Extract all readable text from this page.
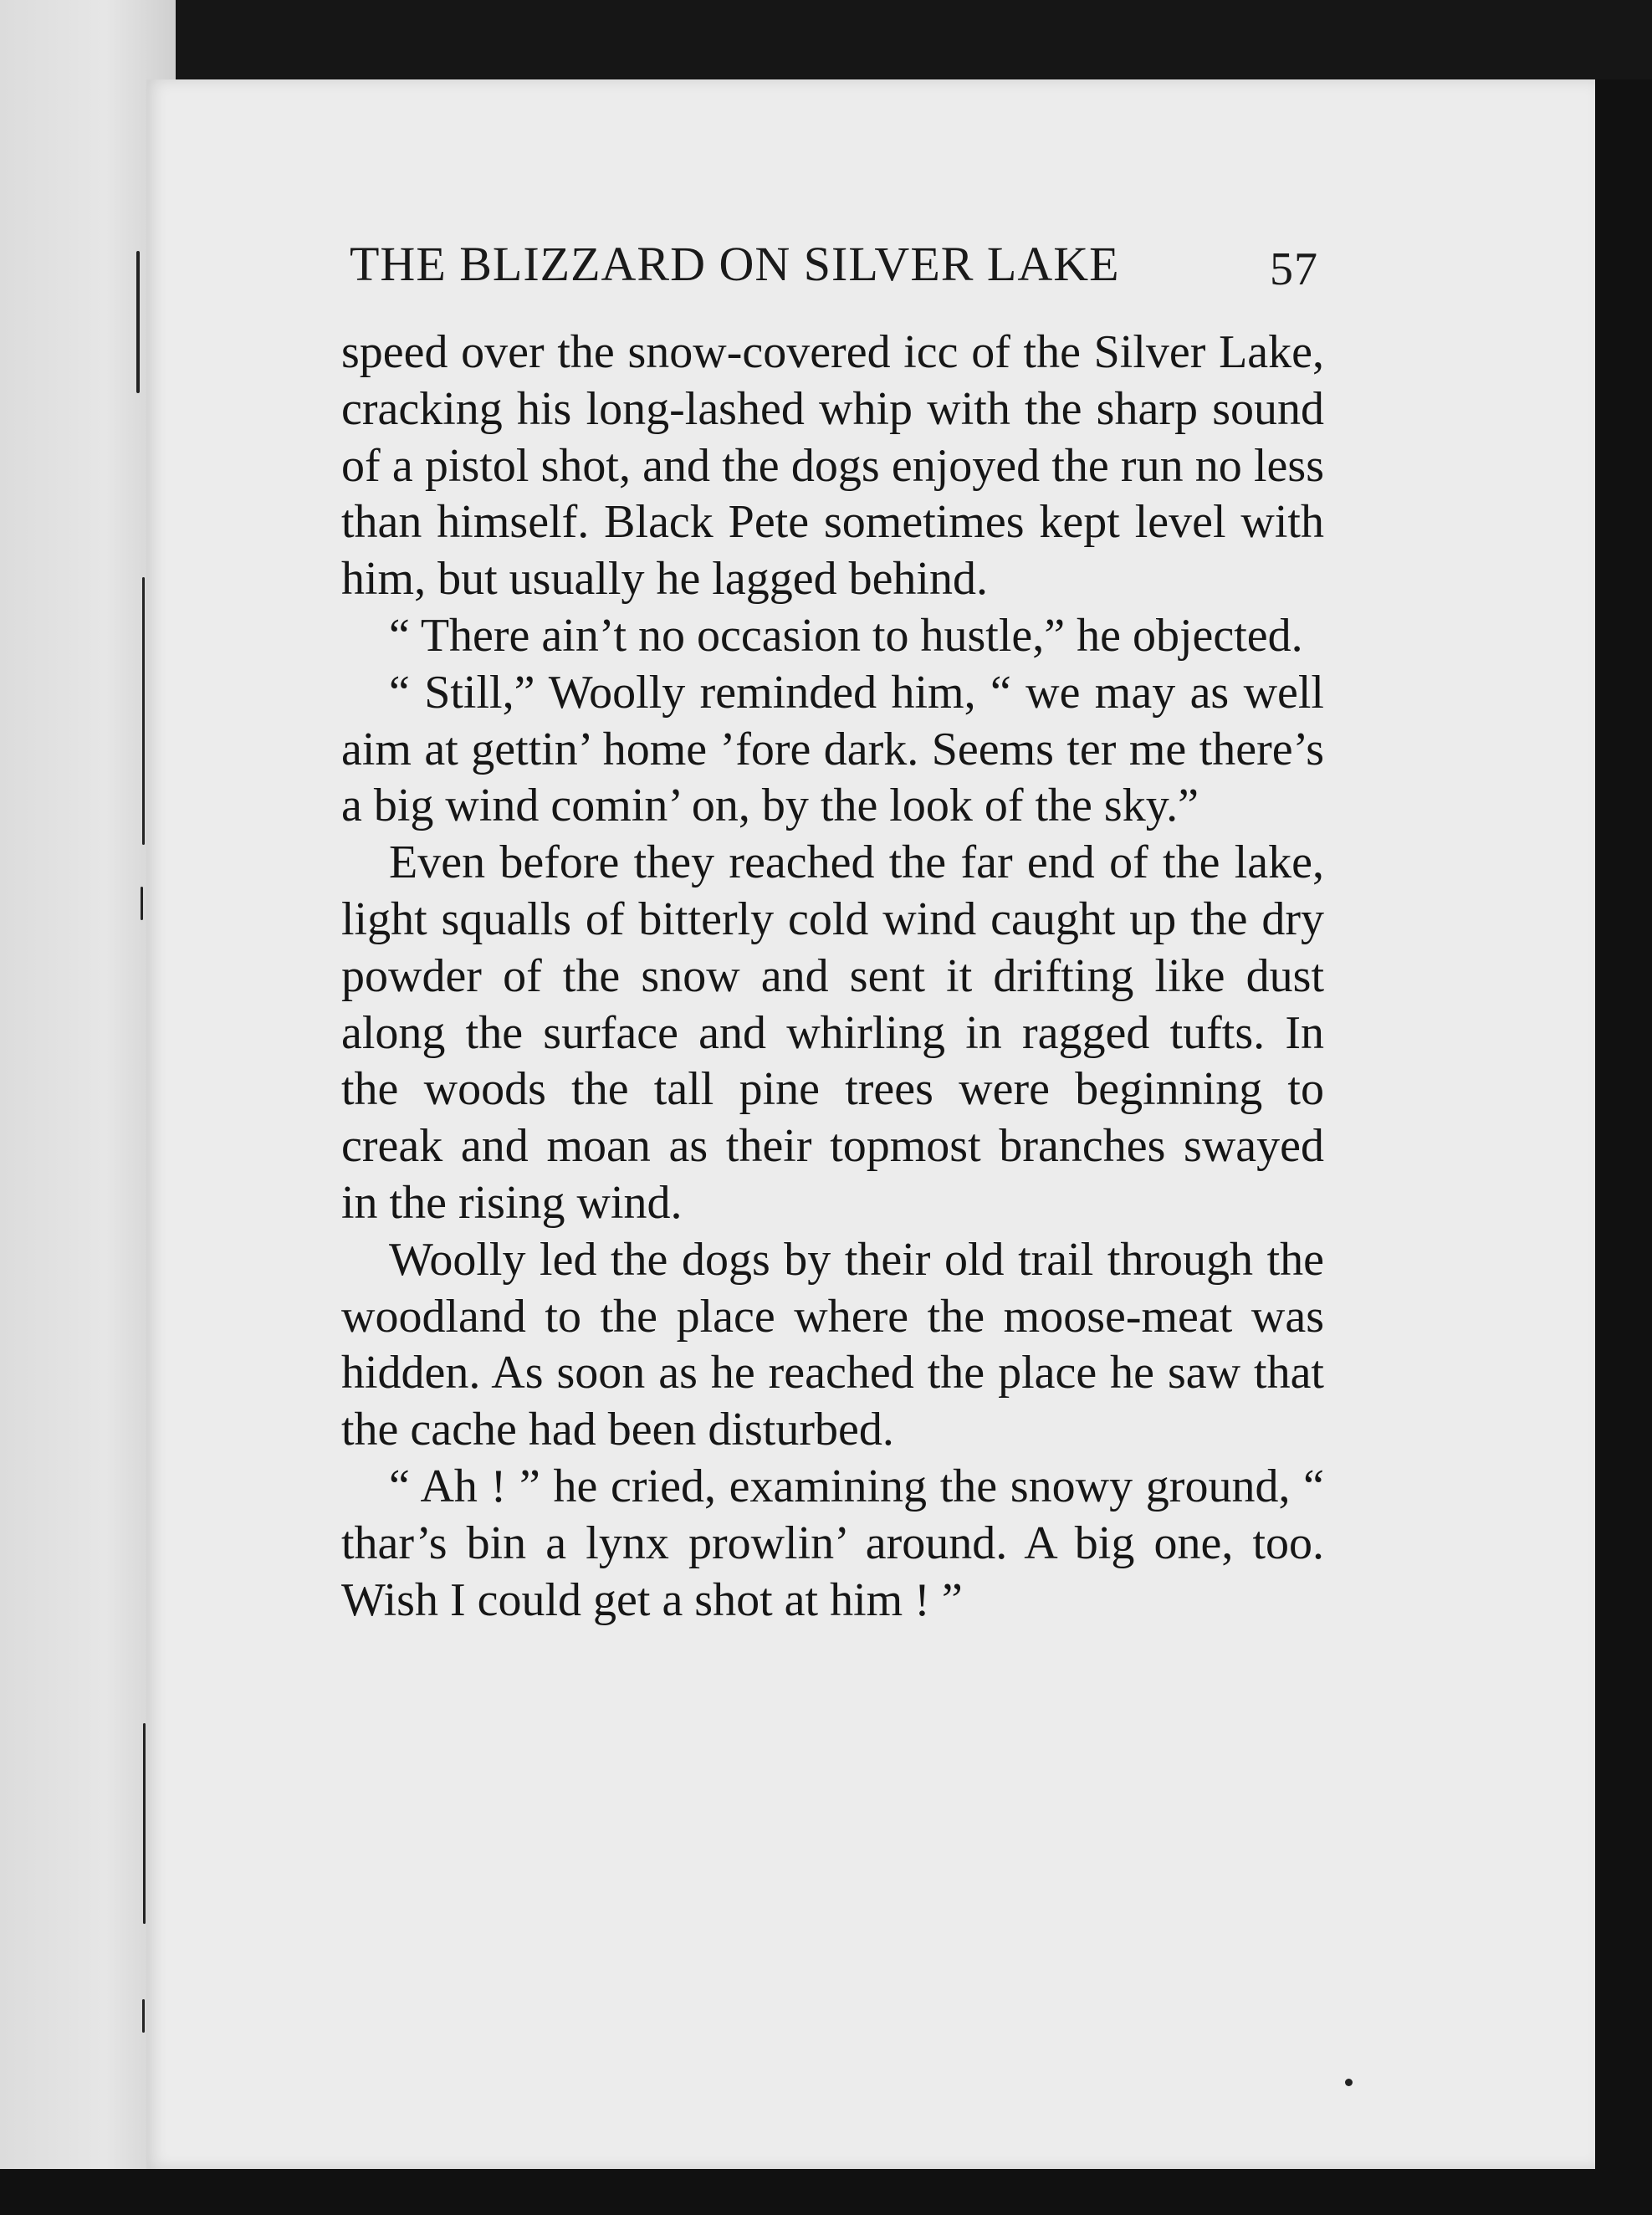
THE BLIZZARD ON SILVER LAKE	57

speed over the snow-covered icc of the Silver Lake, cracking his long-lashed whip with the sharp sound of a pistol shot, and the dogs enjoyed the run no less than himself. Black Pete sometimes kept level with him, but usually he lagged behind.

“ There ain’t no occasion to hustle,” he objected.

“ Still,” Woolly reminded him, “ we may as well aim at gettin’ home ’fore dark. Seems ter me there’s a big wind comin’ on, by the look of the sky.”

Even before they reached the far end of the lake, light squalls of bitterly cold wind caught up the dry powder of the snow and sent it drifting like dust along the surface and whirling in ragged tufts. In the woods the tall pine trees were beginning to creak and moan as their topmost branches swayed in the rising wind.

Woolly led the dogs by their old trail through the woodland to the place where the moose-meat was hidden. As soon as he reached the place he saw that the cache had been disturbed.

“ Ah ! ” he cried, examining the snowy ground, “ thar’s bin a lynx prowlin’ around. A big one, too. Wish I could get a shot at him ! ”
